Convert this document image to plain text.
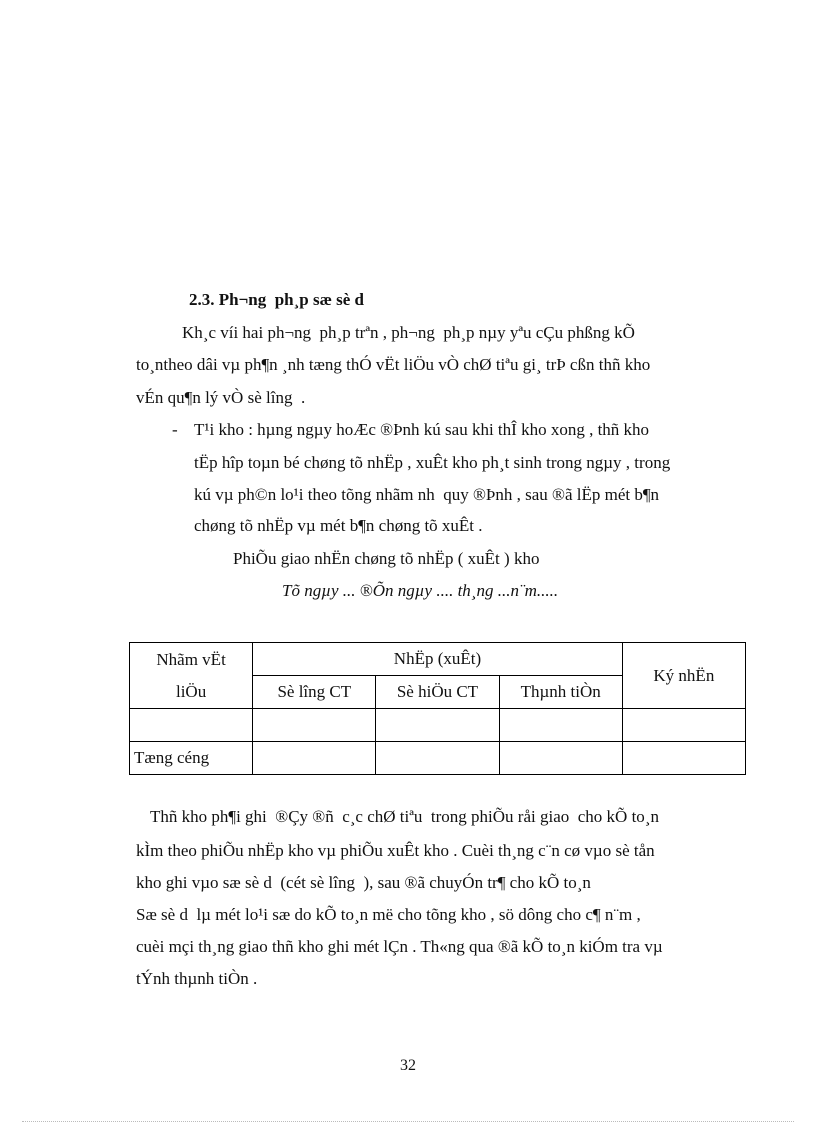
2.3. Ph¬ng  ph¸p sæ sè d
Kh¸c víi hai ph¬ng  ph¸p trªn , ph¬ng  ph¸p nµy yªu cÇu phßng kÕ
to¸ntheo dâi vµ ph¶n ¸nh tæng thÓ vËt liÖu vÒ chØ tiªu gi¸ trÞ cßn thñ kho
vÉn qu¶n lý vÒ sè lîng  .
- T¹i kho : hµng ngµy hoÆc ®Þnh kú sau khi thÎ kho xong , thñ kho
tËp hîp toµn bé chøng tõ nhËp , xuÊt kho ph¸t sinh trong ngµy , trong
kú vµ ph©n lo¹i theo tõng nhãm nh  quy ®Þnh , sau ®ã lËp mét b¶n
chøng tõ nhËp vµ mét b¶n chøng tõ xuÊt .
PhiÕu giao nhËn chøng tõ nhËp ( xuÊt ) kho
Tõ ngµy ... ®Õn ngµy .... th¸ng ...n¨m.....
Nhãm vËt
liÖu	NhËp (xuÊt)			Ký nhËn
	Sè lîng CT	Sè hiÖu CT	Thµnh tiÒn	

Tæng céng				
Thñ kho ph¶i ghi  ®Çy ®ñ  c¸c chØ tiªu  trong phiÕu råi giao  cho kÕ to¸n
kÌm theo phiÕu nhËp kho vµ phiÕu xuÊt kho . Cuèi th¸ng c¨n cø vµo sè tån
kho ghi vµo sæ sè d  (cét sè lîng  ), sau ®ã chuyÓn tr¶ cho kÕ to¸n
Sæ sè d  lµ mét lo¹i sæ do kÕ to¸n më cho tõng kho , sö dông cho c¶ n¨m ,
cuèi mçi th¸ng giao thñ kho ghi mét lÇn . Th«ng qua ®ã kÕ to¸n kiÓm tra vµ
tÝnh thµnh tiÒn .
32
